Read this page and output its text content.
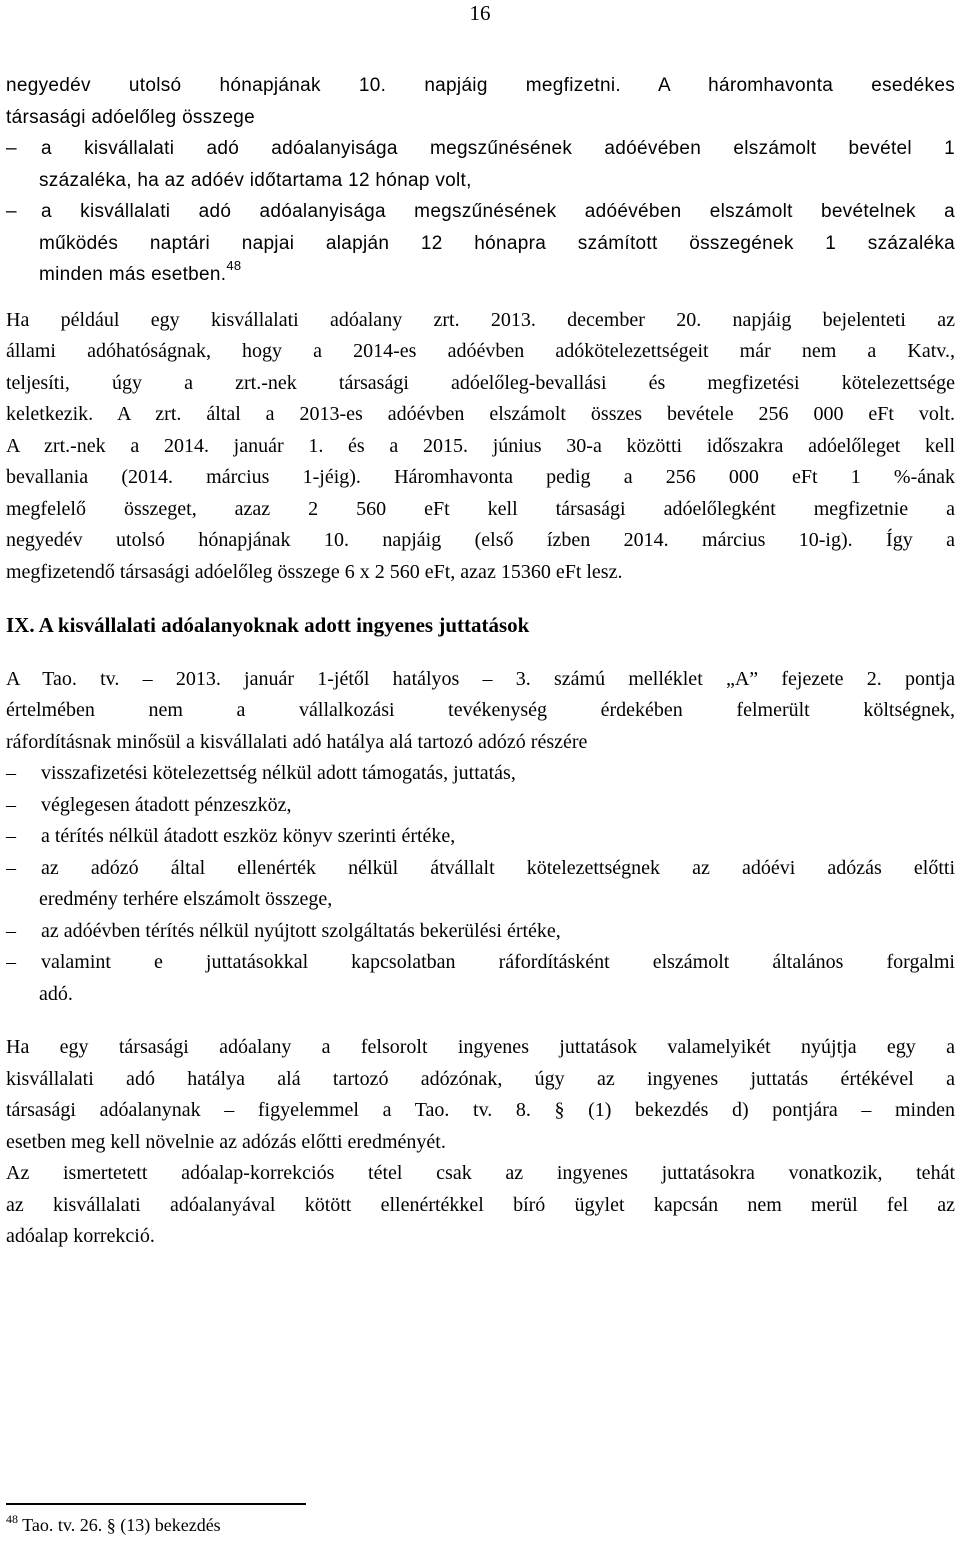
16
negyedév utolsó hónapjának 10. napjáig megfizetni. A háromhavonta esedékes
társasági adóelőleg összege
– a kisvállalati adó adóalanyisága megszűnésének adóévében elszámolt bevétel 1
százaléka, ha az adóév időtartama 12 hónap volt,
– a kisvállalati adó adóalanyisága megszűnésének adóévében elszámolt bevételnek a
működés naptári napjai alapján 12 hónapra számított összegének 1 százaléka
minden más esetben.$^{48}$
Ha például egy kisvállalati adóalany zrt. 2013. december 20. napjáig bejelenteti az
állami adóhatóságnak, hogy a 2014-es adóévben adókötelezettségeit már nem a Katv.,
teljesíti, úgy a zrt.-nek társasági adóelőleg-bevallási és megfizetési kötelezettsége
keletkezik. A zrt. által a 2013-es adóévben elszámolt összes bevétele 256 000 eFt volt.
A zrt.-nek a 2014. január 1. és a 2015. június 30-a közötti időszakra adóelőleget kell
bevallania (2014. március 1-jéig). Háromhavonta pedig a 256 000 eFt 1 %-ának
megfelelő összeget, azaz 2 560 eFt kell társasági adóelőlegként megfizetnie a
negyedév utolsó hónapjának 10. napjáig (első ízben 2014. március 10-ig). Így a
megfizetendő társasági adóelőleg összege 6 x 2 560 eFt, azaz 15360 eFt lesz.
IX. A kisvállalati adóalanyoknak adott ingyenes juttatások
A Tao. tv. – 2013. január 1-jétől hatályos – 3. számú melléklet „A” fejezete 2. pontja
értelmében nem a vállalkozási tevékenység érdekében felmerült költségnek,
ráfordításnak minősül a kisvállalati adó hatálya alá tartozó adózó részére
– visszafizetési kötelezettség nélkül adott támogatás, juttatás,
– véglegesen átadott pénzeszköz,
– a térítés nélkül átadott eszköz könyv szerinti értéke,
– az adózó által ellenérték nélkül átvállalt kötelezettségnek az adóévi adózás előtti
eredmény terhére elszámolt összege,
– az adóévben térítés nélkül nyújtott szolgáltatás bekerülési értéke,
– valamint e juttatásokkal kapcsolatban ráfordításként elszámolt általános forgalmi
adó.
Ha egy társasági adóalany a felsorolt ingyenes juttatások valamelyikét nyújtja egy a
kisvállalati adó hatálya alá tartozó adózónak, úgy az ingyenes juttatás értékével a
társasági adóalanynak – figyelemmel a Tao. tv. 8. § (1) bekezdés d) pontjára – minden
esetben meg kell növelnie az adózás előtti eredményét.
Az ismertetett adóalap-korrekciós tétel csak az ingyenes juttatásokra vonatkozik, tehát
az kisvállalati adóalanyával kötött ellenértékkel bíró ügylet kapcsán nem merül fel az
adóalap korrekció.
$^{48}$ Tao. tv. 26. § (13) bekezdés
